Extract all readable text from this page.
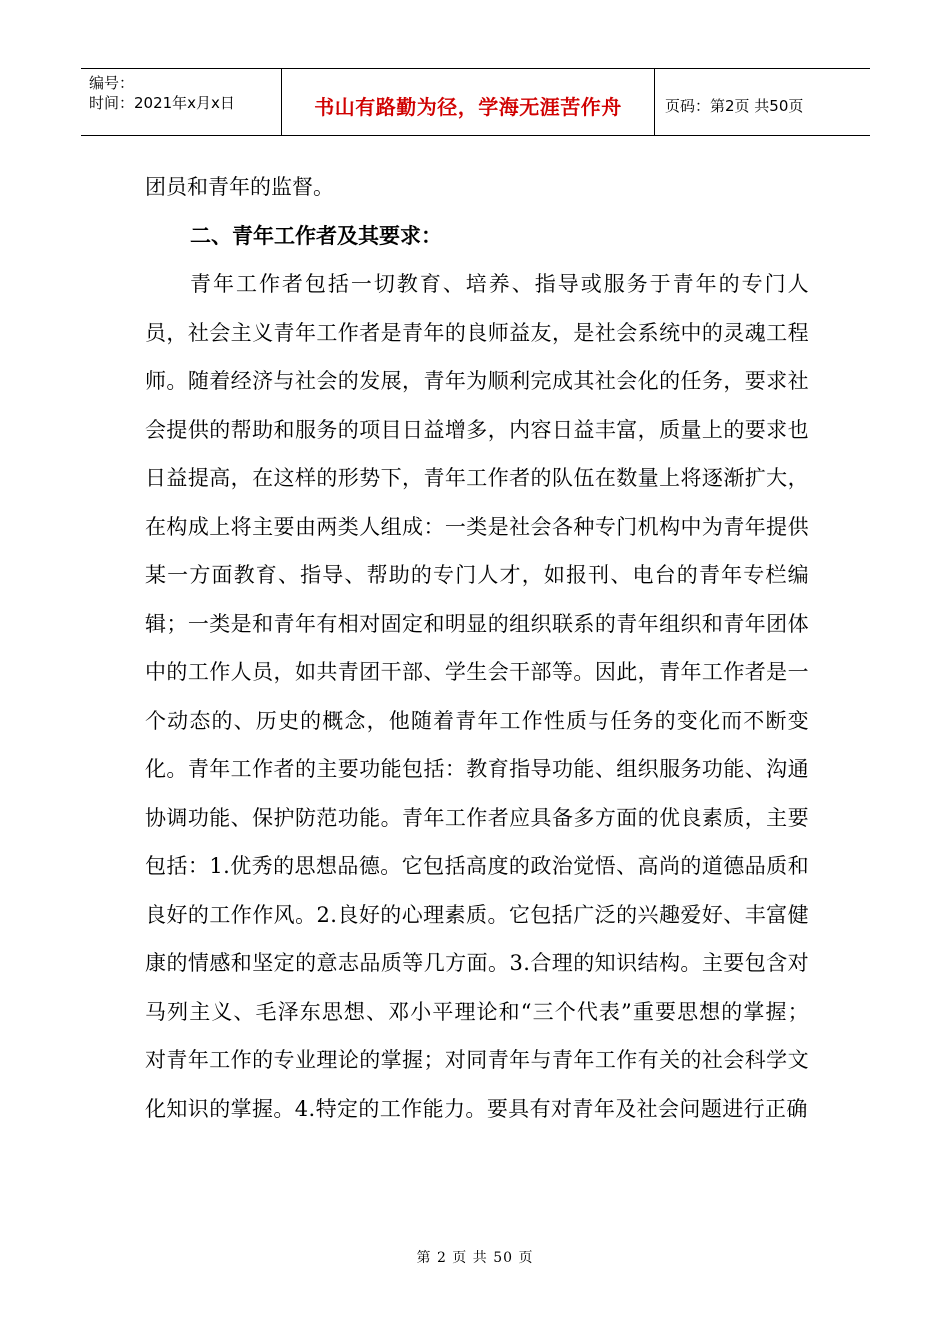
编号：
时间：2021年x月x日	书山有路勤为径，学海无涯苦作舟	页码：第2页 共50页

团员和青年的监督。

二、青年工作者及其要求：

青年工作者包括一切教育、培养、指导或服务于青年的专门人员，社会主义青年工作者是青年的良师益友，是社会系统中的灵魂工程师。随着经济与社会的发展，青年为顺利完成其社会化的任务，要求社会提供的帮助和服务的项目日益增多，内容日益丰富，质量上的要求也日益提高，在这样的形势下，青年工作者的队伍在数量上将逐渐扩大，在构成上将主要由两类人组成：一类是社会各种专门机构中为青年提供某一方面教育、指导、帮助的专门人才，如报刊、电台的青年专栏编辑；一类是和青年有相对固定和明显的组织联系的青年组织和青年团体中的工作人员，如共青团干部、学生会干部等。因此，青年工作者是一个动态的、历史的概念，他随着青年工作性质与任务的变化而不断变化。青年工作者的主要功能包括：教育指导功能、组织服务功能、沟通协调功能、保护防范功能。青年工作者应具备多方面的优良素质，主要包括：1.优秀的思想品德。它包括高度的政治觉悟、高尚的道德品质和良好的工作作风。2.良好的心理素质。它包括广泛的兴趣爱好、丰富健康的情感和坚定的意志品质等几方面。3.合理的知识结构。主要包含对马列主义、毛泽东思想、邓小平理论和“三个代表”重要思想的掌握；对青年工作的专业理论的掌握；对同青年与青年工作有关的社会科学文化知识的掌握。4.特定的工作能力。要具有对青年及社会问题进行正确

第 2 页 共 50 页
